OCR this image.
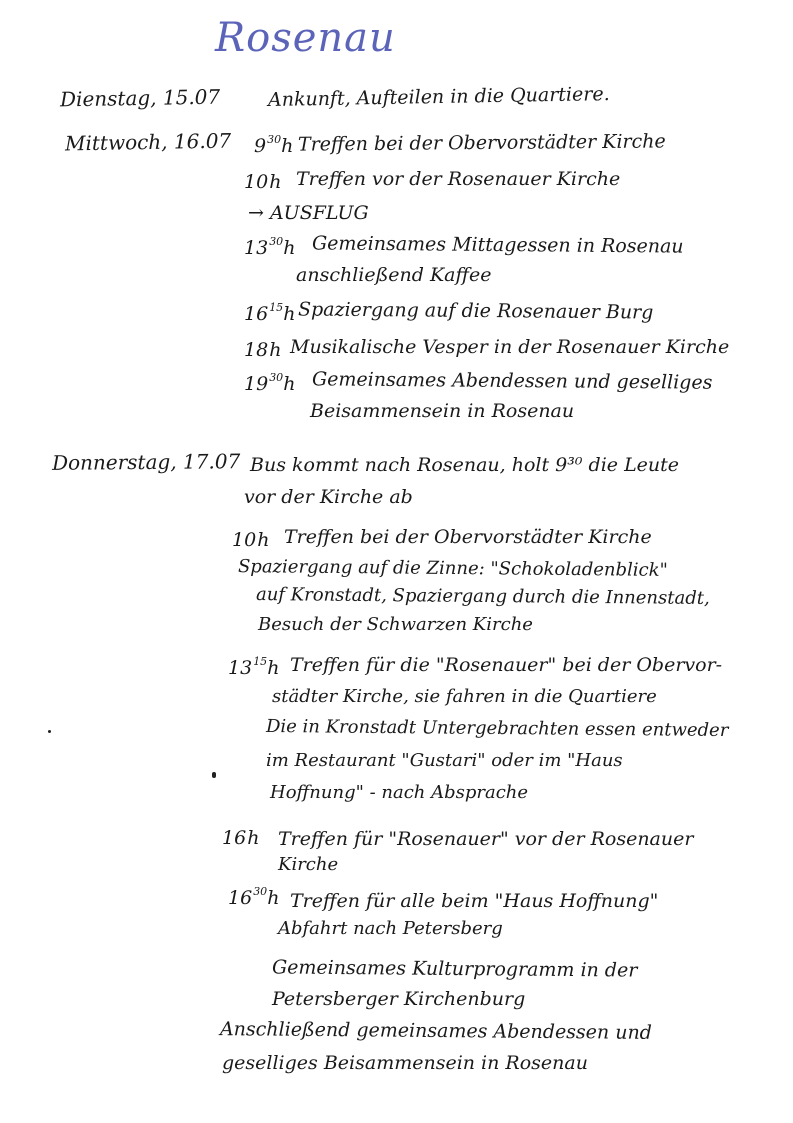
Rosenau
Dienstag, 15.07 Ankunft, Aufteilen in die Quartiere.
Mittwoch, 16.07 $9^{30}h$ Treffen bei der Obervorstädter Kirche
10h Treffen vor der Rosenauer Kirche
→ AUSFLUG
$13^{30}h$ Gemeinsames Mittagessen in Rosenau
anschließend Kaffee
$16^{15}h$ Spaziergang auf die Rosenauer Burg
18h Musikalische Vesper in der Rosenauer Kirche
$19^{30}h$ Gemeinsames Abendessen und geselliges
Beisammensein in Rosenau
Donnerstag, 17.07 Bus kommt nach Rosenau, holt 9³⁰ die Leute
vor der Kirche ab
10h Treffen bei der Obervorstädter Kirche
Spaziergang auf die Zinne: "Schokoladenblick"
auf Kronstadt, Spaziergang durch die Innenstadt,
Besuch der Schwarzen Kirche
$13^{15}h$ Treffen für die "Rosenauer" bei der Obervor-
städter Kirche, sie fahren in die Quartiere
Die in Kronstadt Untergebrachten essen entweder
im Restaurant "Gustari" oder im "Haus
Hoffnung" - nach Absprache
16h Treffen für "Rosenauer" vor der Rosenauer
Kirche
$16^{30}h$ Treffen für alle beim "Haus Hoffnung"
Abfahrt nach Petersberg
Gemeinsames Kulturprogramm in der
Petersberger Kirchenburg
Anschließend gemeinsames Abendessen und
geselliges Beisammensein in Rosenau
